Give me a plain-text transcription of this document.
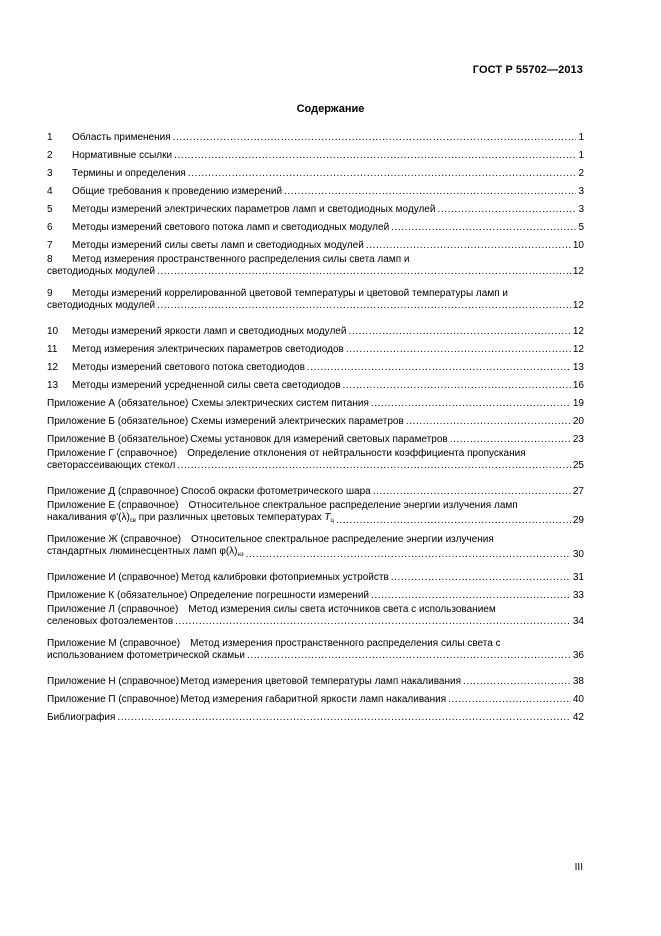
ГОСТ Р 55702—2013
Содержание
1	Область применения .....	1
2	Нормативные ссылки .....	1
3	Термины и определения .....	2
4	Общие требования к проведению измерений .....	3
5	Методы измерений электрических параметров ламп и светодиодных модулей .....	3
6	Методы измерений светового потока ламп и светодиодных модулей .....	5
7	Методы измерений силы светы ламп и светодиодных модулей .....	10
8 Метод измерения пространственного распределения силы света ламп и
светодиодных модулей .....	12
9 Методы измерений коррелированной цветовой температуры и цветовой температуры ламп и
светодиодных модулей .....	12
10	Методы измерений яркости ламп и светодиодных модулей .....	12
11	Метод измерения электрических параметров светодиодов .....	12
12	Методы измерений светового потока светодиодов .....	13
13	Методы измерений усредненной силы света светодиодов .....	16
Приложение А (обязательное) Схемы электрических систем питания .....	19
Приложение Б (обязательное) Схемы измерений электрических параметров .....	20
Приложение В (обязательное) Схемы установок для измерений световых параметров .....	23
Приложение Г (справочное) Определение отклонения от нейтральности коэффициента пропускания
светорассеивающих стекол .....	25
Приложение Д (справочное) Способ окраски фотометрического шара .....	27
Приложение Е (справочное) Относительное спектральное распределение энергии излучения ламп
накаливания $\varphi'(\lambda)_{св}$ при различных цветовых температурах $T_ц$ .....	29
Приложение Ж (справочное) Относительное спектральное распределение энергии излучения
стандартных люминесцентных ламп $\varphi(\lambda)_{нз}$ .....	30
Приложение И (справочное) Метод калибровки фотоприемных устройств .....	31
Приложение К (обязательное) Определение погрешности измерений .....	33
Приложение Л (справочное) Метод измерения силы света источников света с использованием
селеновых фотоэлементов .....	34
Приложение М (справочное) Метод измерения пространственного распределения силы света с
использованием фотометрической скамьи .....	36
Приложение Н (справочное) Метод измерения цветовой температуры ламп накаливания .....	38
Приложение П (справочное) Метод измерения габаритной яркости ламп накаливания .....	40
Библиография .....	42
III
